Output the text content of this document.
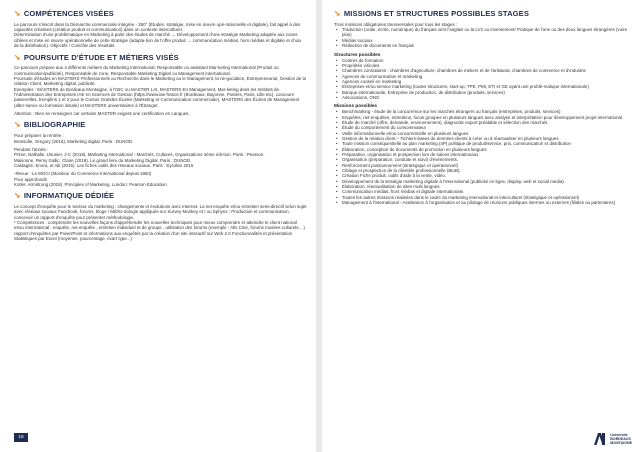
➘ COMPÉTENCES VISÉES

Le parcours s'inscrit dans la Démarche commerciale intégrée - 360° (Études, stratégie, mise en œuvre opé-rationnelle et digitale), fait appel à des capacités créatives (création produit et communication) dans un contexte interculturel.

Détermination d'une problématique en Marketing à partir des études de marché → Développement d'une stratégie Marketing adaptée aux zones ciblées et mise en œuvre opérationnelle de cette stratégie (adapta-tion de l'offre produit → communication médias, hors médias et digitale et choix de la distribution). Objectifs / Contrôle des résultats.

➘ POURSUITE D'ÉTUDE ET MÉTIERS VISÉS

Ce parcours prépare aux 4 différents métiers du Marketing International: Responsable ou assistant Mar-keting International (Produit ou communication/publicité), Responsable de zone, Responsable Marketing Digital ou Management international.

Poursuite d'études en MASTERS Professionnels ou Recherche dans le Marketing ou le Management, la né-gociation, Entrepreneuriat, Gestion de la relation Client, Marketing digital, publicité.

Exemples : MASTERS de Bordeaux Montaigne, à l'ISIC ou MASTER LAI, MASTERS En Management, Mar-keting dans les Instituts de l'Administration des Entreprises IAE en Sciences de Gestion (https://www.iae-france.fr (Bordeaux, Bayonne, Poitiers, Paris, Lille etc), concours passerelles, tremplins 1 et 2 pour le Cursus Grandes Écoles (Marketing et Communication commerciale), MASTERS des Écoles de Management (alter-nance ou formation initiale) et MASTERS universitaires à l'Étranger.

Attention : Bien se renseigner car certains MASTER exigent une certification en Langues.

➘ BIBLIOGRAPHIE

Pour préparer la rentrée :

Bressolle, Gregory (2016). Marketing digital. Paris : DUNOD.

Pendant l'année :

Prime, Nathalie, Usunier, J-C (2018). Marketing international - Marchés, Cultures, Organisations 3ème édi-tion. Paris : Pearson.

Maisonne, Remy Gallic, Claire (2018). Le grand livre du Marketing Digital. Paris : DUNOD.

Castagné, Enora, et Alii (2015). Les fiches outils des réseaux sociaux. Paris : Eyrolles 2015

-Revue : Le MOCI (Moniteur du Commerce International depuis 1883)

Pour approfondir

Kotler, Armstrong (2018). Principles of Marketing. London: Pearson Education

➘ INFORMATIQUE DÉDIÉE

Le concept d'enquête pour le secteur du marketing : changements et évolutions avec Internet. La net enquête et/ou entretien semi-directif selon sujet avec réseaux sociaux Facebook, forums, blogs / Métho-dologie appliquée sur Survey Monkey et / ou Sphynx ; Production et communication, concevoir un rapport d'enquête pour présenter méthodologie.

* Compétences : comprendre les nouvelles façons d'appréhender les nouvelles techniques pour mieux comprendre et atteindre le client national et/ou international : enquête, net enquête , entretien individuel et de groupe , utilisation des forums (exemple : Allo Ciné, forums musées culturels... ) rapport d'enquêtes par PowerPoint et informations aux enquêtés par la création d'un site interactif sur Web 2.0 Fonctionnalités et présentation Statistiques par Excel (moyenne, pourcentage, écart type...)

16
➘ MISSIONS ET STRUCTURES POSSIBLES STAGES

Trois missions obligatoires transversales pour tous les stages :

• Traduction (orale, écrite, numérique) du français vers l'anglais ou la LV2 ou inversement/ Pratique de l'une ou des deux langues étrangères (voire plus)
• Médias sociaux
• Rédaction de documents en français
Structures possibles
• Centres de formation
• Propriétés viticoles
• Chambres consulaires : chambres d'agriculture, chambres de métiers et de l'artisanat, chambres de commerce et d'industrie
• Agences de communication et marketing
• Agences conseil en marketing
• Entreprises et/ou service marketing (toutes structures, start-up, TPE, PMI, ETI et GE ayant une problé-matique internationale)
• Banque internationale, Entreprise de production, de distribution (produits, services)
• Associations, ONG
Missions possibles
• Benchmarking - étude de la concurrence sur les marchés étrangers ou français (entreprises, produits, services)
• Enquêtes, net-enquêtes, entretiens, focus groupes en plusieurs langues avec analyse et interprétation pour développement projet international
• Étude de marché (offre, demande, environnement), diagnostic export préalable et sélection des marchés
• Étude du comportement du consommateur
• Veille informationnelle et/ou concurrentielle en plusieurs langues
• Gestion de la relation client – Fichiers-bases de données clients à créer ou à réactualiser en plusieurs langues
• Toute mission conséquentielle au plan marketing (4P) politique de produit/service, prix, communication et distribution
• Élaboration, conception de documents de promotion en plusieurs langues
• Préparation, organisation et prospection lors de salons internationaux
• Organisation (préparation, conduite et suivi) d'événements.
• Renforcement positionnement (stratégique et opérationnel)
• Ciblage et prospection de la clientèle professionnelle (BtoB).
• Création Fiche produit, outils d'aide à la vente, vidéo.
• Développement de la stratégie marketing digitale à l'international (publicité en ligne, display, web et social media).
• Élaboration, réactualisation de sites multi langues.
• Communication médias, hors médias et digitale internationale.
• Toutes les autres missions réalisées dans le cadre du marketing international et interculturel (stratégique et opérationnel)
• Management à l'international - Assistance à l'organisation et au pilotage de réunions publiques internes ou externes (filiales ou partenaires)
Université
BORDEAUX
MONTAIGNE
